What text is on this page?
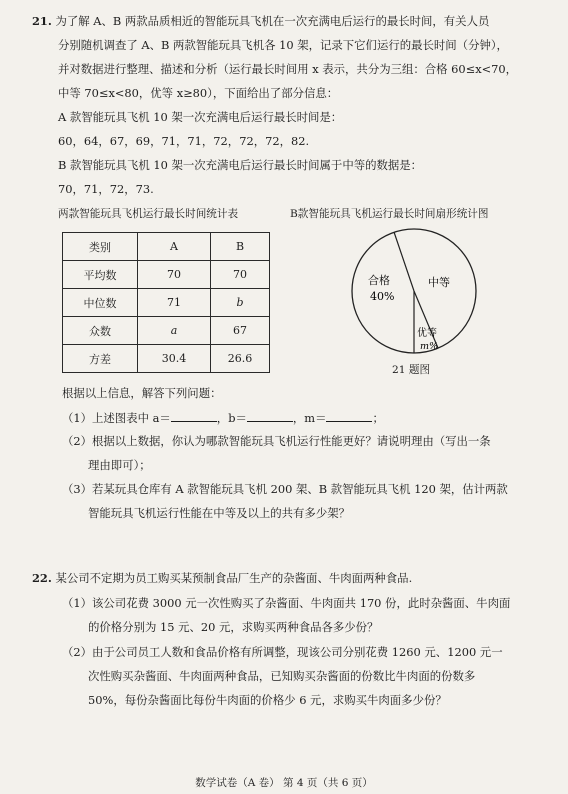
21. 为了解 A、B 两款品质相近的智能玩具飞机在一次充满电后运行的最长时间，有关人员
分别随机调查了 A、B 两款智能玩具飞机各 10 架，记录下它们运行的最长时间（分钟），
并对数据进行整理、描述和分析（运行最长时间用 x 表示，共分为三组：合格 60≤x<70，
中等 70≤x<80，优等 x≥80），下面给出了部分信息：
A 款智能玩具飞机 10 架一次充满电后运行最长时间是：
60，64，67，69，71，71，72，72，72，82.
B 款智能玩具飞机 10 架一次充满电后运行最长时间属于中等的数据是：
70，71，72，73.
两款智能玩具飞机运行最长时间统计表	B款智能玩具飞机运行最长时间扇形统计图
类别	A	B
平均数	70	70
中位数	71	b
众数	a	67
方差	30.4	26.6
合格
40%
中等
优等
m%
21 题图
根据以上信息，解答下列问题：
（1）上述图表中 a＝	，b＝	，m＝	；
（2）根据以上数据，你认为哪款智能玩具飞机运行性能更好？请说明理由（写出一条
理由即可）；
（3）若某玩具仓库有 A 款智能玩具飞机 200 架、B 款智能玩具飞机 120 架，估计两款
智能玩具飞机运行性能在中等及以上的共有多少架？
22. 某公司不定期为员工购买某预制食品厂生产的杂酱面、牛肉面两种食品.
（1）该公司花费 3000 元一次性购买了杂酱面、牛肉面共 170 份，此时杂酱面、牛肉面
的价格分别为 15 元、20 元，求购买两种食品各多少份？
（2）由于公司员工人数和食品价格有所调整，现该公司分别花费 1260 元、1200 元一
次性购买杂酱面、牛肉面两种食品，已知购买杂酱面的份数比牛肉面的份数多
50%，每份杂酱面比每份牛肉面的价格少 6 元，求购买牛肉面多少份？
数学试卷（A 卷） 第 4 页（共 6 页）
